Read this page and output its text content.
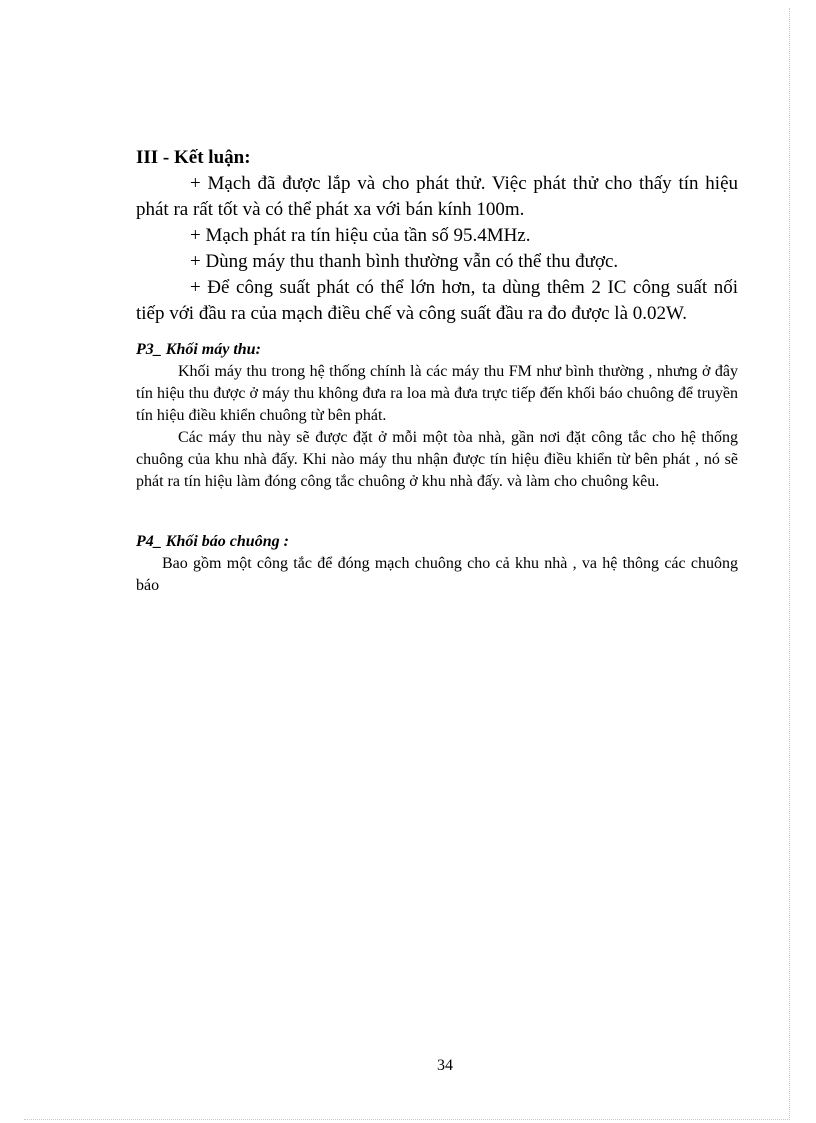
III - Kết luận:

+ Mạch đã được lắp và cho phát thử. Việc phát thử cho thấy tín hiệu phát ra rất tốt và có thể phát xa với bán kính 100m.

+ Mạch phát ra tín hiệu của tần số 95.4MHz.

+ Dùng máy thu thanh bình thường vẫn có thể thu được.

+ Để công suất phát có thể lớn hơn, ta dùng thêm 2 IC công suất nối tiếp với đầu ra của mạch điều chế và công suất đầu ra đo được là 0.02W.

P3_ Khối máy thu:

Khối máy thu trong hệ thống chính là các máy thu FM như bình thường , nhưng ở đây tín hiệu thu được ở máy thu không đưa ra loa mà đưa trực tiếp đến khối báo chuông để truyền tín hiệu điều khiển chuông từ bên phát.

Các máy thu này sẽ được đặt ở mỗi một tòa nhà, gần nơi đặt công tắc cho hệ thống chuông của khu nhà đấy. Khi nào máy thu nhận được tín hiệu điều khiển từ bên phát , nó sẽ phát ra tín hiệu làm đóng công tắc chuông ở khu nhà đấy. và làm cho chuông kêu.

P4_ Khối báo chuông :

Bao gồm một công tắc để đóng mạch chuông cho cả khu nhà , va hệ thông các chuông báo

34
